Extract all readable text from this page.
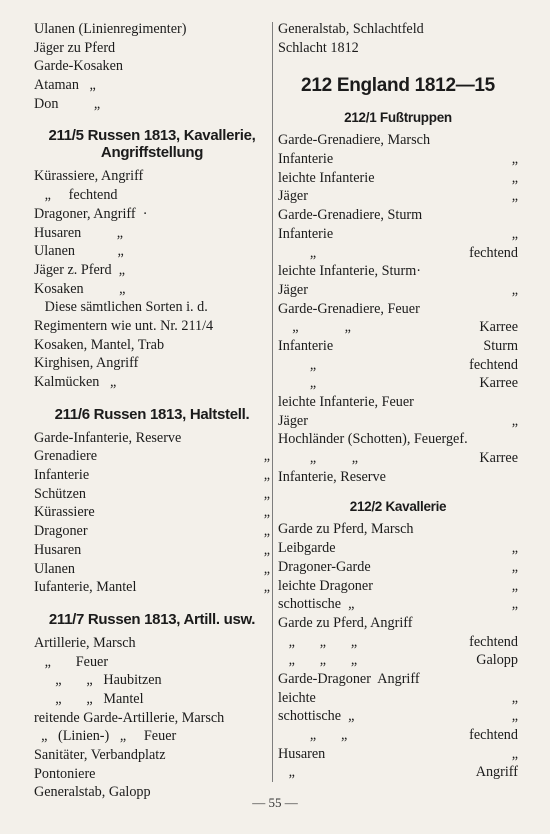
Ulanen (Linienregimenter)
Jäger zu Pferd
Garde-Kosaken
Ataman   „
Don          „
211/5 Russen 1813, Kavallerie,
Angriffstellung
Kürassiere, Angriff
„     fechtend
Dragoner, Angriff  ·
Husaren          „
Ulanen            „
Jäger z. Pferd  „
Kosaken          „
Diese sämtlichen Sorten i. d.
Regimentern wie unt. Nr. 211/4
Kosaken, Mantel, Trab
Kirghisen, Angriff
Kalmücken   „
211/6 Russen 1813, Haltstell.
Garde-Infanterie, Reserve
Grenadiere	„
Infanterie	„
Schützen	„
Kürassiere	„
Dragoner	„
Husaren	„
Ulanen	„
Iufanterie, Mantel	„
211/7 Russen 1813, Artill. usw.
Artillerie, Marsch
„       Feuer
„       „   Haubitzen
„       „   Mantel
reitende Garde-Artillerie, Marsch
„   (Linien-)   „     Feuer
Sanitäter, Verbandplatz
Pontoniere
Generalstab, Galopp
Generalstab, Schlachtfeld
Schlacht 1812
212 England 1812—15
212/1 Fußtruppen
Garde-Grenadiere, Marsch
Infanterie	„
leichte Infanterie	„
Jäger	„
Garde-Grenadiere, Sturm
Infanterie	„
„	fechtend
leichte Infanterie, Sturm·
Jäger	„
Garde-Grenadiere, Feuer
„             „	Karree
Infanterie	Sturm
„	fechtend
„	Karree
leichte Infanterie, Feuer
Jäger	„
Hochländer (Schotten), Feuergef.
„          „	Karree
Infanterie, Reserve
212/2 Kavallerie
Garde zu Pferd, Marsch
Leibgarde	„
Dragoner-Garde	„
leichte Dragoner	„
schottische  „	„
Garde zu Pferd, Angriff
„       „       „	fechtend
„       „       „	Galopp
Garde-Dragoner  Angriff
leichte	„
schottische  „	„
„       „	fechtend
Husaren	„
„	Angriff
— 55 —
